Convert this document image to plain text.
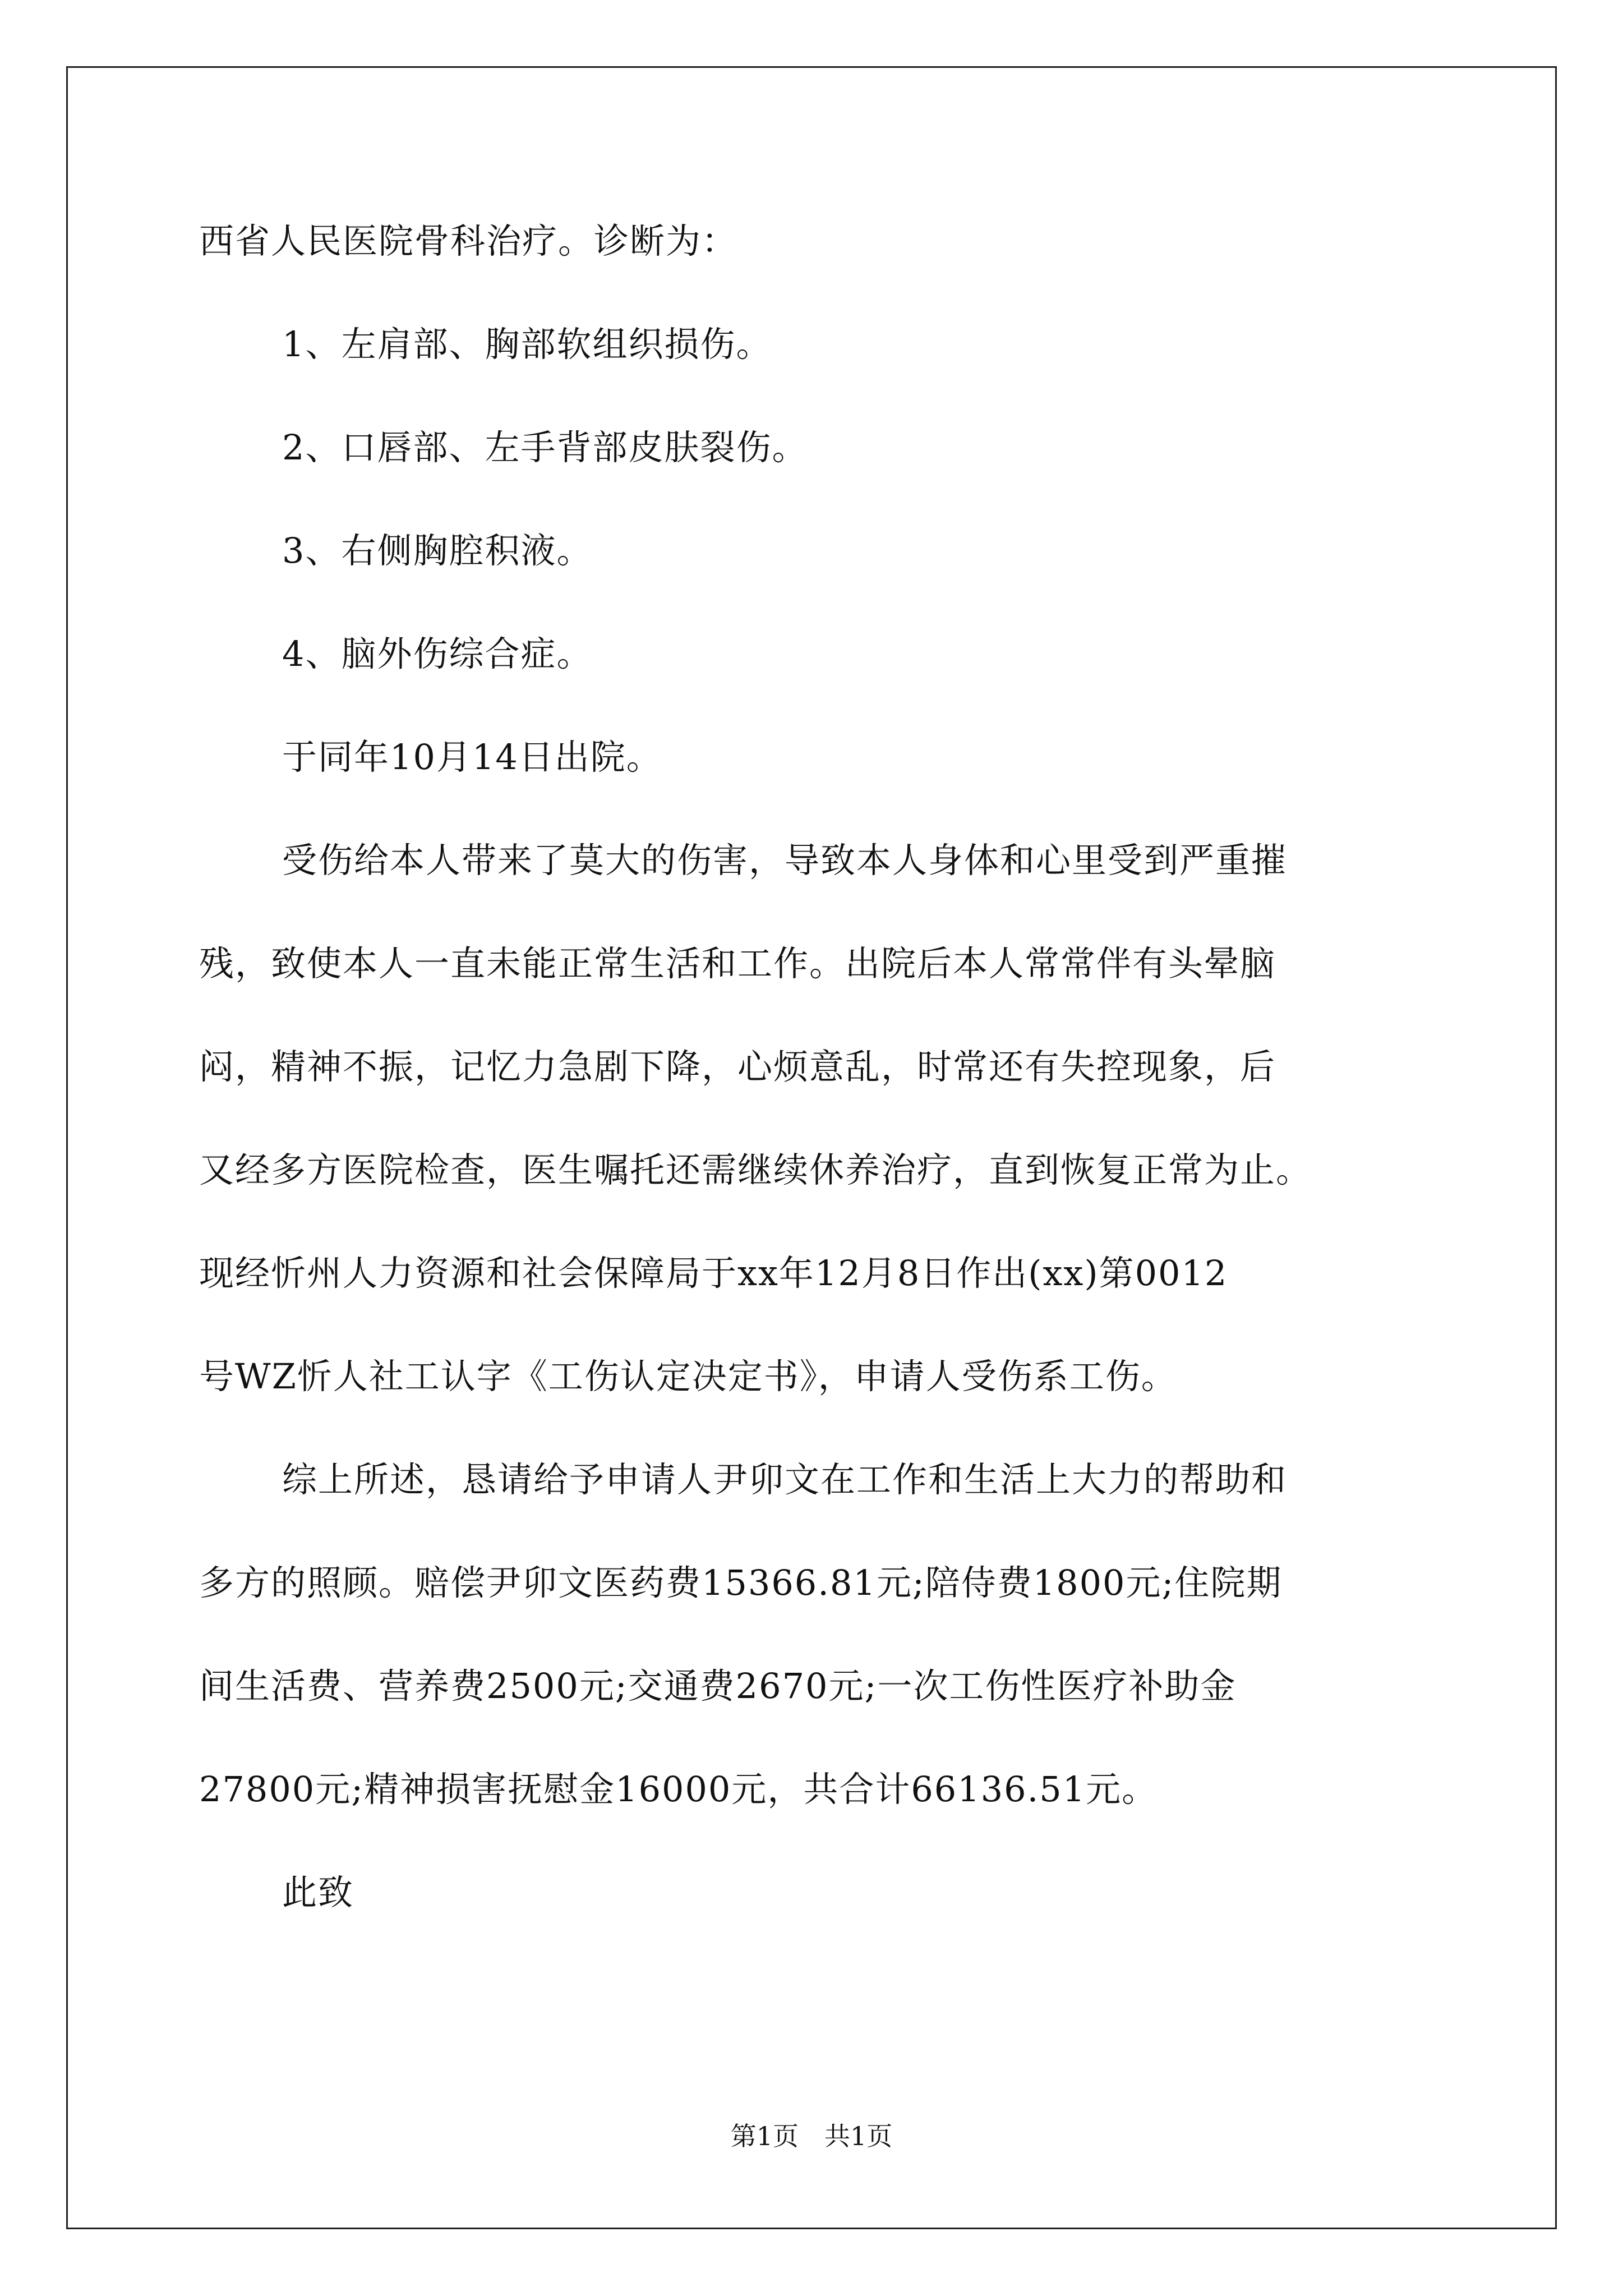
西省人民医院骨科治疗。诊断为：
1、左肩部、胸部软组织损伤。
2、口唇部、左手背部皮肤裂伤。
3、右侧胸腔积液。
4、脑外伤综合症。
于同年10月14日出院。
受伤给本人带来了莫大的伤害，导致本人身体和心里受到严重摧
残，致使本人一直未能正常生活和工作。出院后本人常常伴有头晕脑
闷，精神不振，记忆力急剧下降，心烦意乱，时常还有失控现象，后
又经多方医院检查，医生嘱托还需继续休养治疗，直到恢复正常为止。
现经忻州人力资源和社会保障局于xx年12月8日作出(xx)第0012
号WZ忻人社工认字《工伤认定决定书》，申请人受伤系工伤。
综上所述，恳请给予申请人尹卯文在工作和生活上大力的帮助和
多方的照顾。赔偿尹卯文医药费15366.81元;陪侍费1800元;住院期
间生活费、营养费2500元;交通费2670元;一次工伤性医疗补助金
27800元;精神损害抚慰金16000元，共合计66136.51元。
此致
第1页　共1页
